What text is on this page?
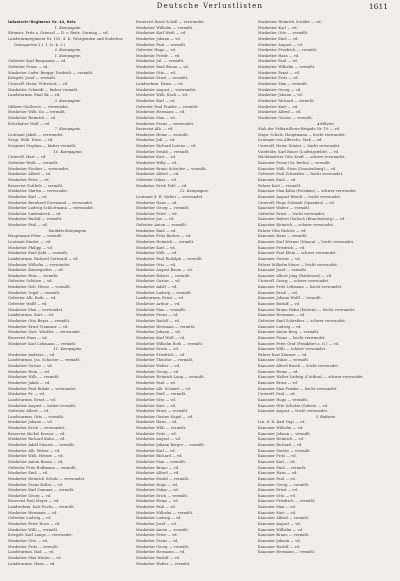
Deutsche Verlustlisten	1611
Infanterie-Regiment Nr. 44, Reiz
1. Kompagnie.
Rittmstr. Fritz a. Grimsel — II. v. Reitz. Sorntag — vd.
Landsturmregiment Nr. 105, 4. K. (Worgenden und Suderhus
Geinsgarten 2 i. 1. (s. k. 3.)
2. Kompagnie.
1. Kompagnie.
Gefreiter Karl Bergmann — vd.
Gefreiter Franz — vd.
Musketier Ludw. Berggr. Diedrich — vermißt.
Kriegsfr. Josef — vermißt.
Unteroff. Heinr. Wittstock — vd.
Musketier Schmidt — bisher vermißt.
Landsturmm. Emil Sk — vd.
3. Kompagnie.
Offizier-Stellvertr. — verwundet.
Musketier Wilh. Ka — vermißt.
Musketier Heinrich — vd.
Erlerbalter Wulf — vd.
7. Kompagnie.
Leutnant Jakob — verwundet.
Sergt. Wilh. Dietr. — vd.
Sergeant Stephan — bisher vermißt.
10. Kompagnie.
Unteroff. Hart — vd.
Gefreiter Weiß. — vermißt.
Musketier Fischer — verwundet.
Musketier Alfred — vd.
Musketier Peter — vd.
Reservist Gottlieb — vermißt.
Musketier Martin — verwundet.
Musketier Karl — vd.
Musketier Bernhard Dortmund — verwundet.
Musketier Ludwig Schlottmann — verwundet.
Musketier Lindenbeck — vd.
Musketier Rudolf — vermißt.
Musketier Paul — vd.
Sanitäts-Kompagnie.
Hauptmann Peter — vermißt.
Leutnant Kinder. — vd.
Musketier Philipp — vd.
Musketier Emil Kohl — vermißt.
Landsturmm. Richard Gottwald — vd.
Musketier Wilhelm — verwundet.
Musketier Kannegießer — vd.
Musketier Hinz — vermißt.
Gefreiter Schütze — vd.
Musketier Rob. Hesse — vermißt.
Musketier Vogel — vermißt.
Gefreiter Alb. Roth. — vd.
Gefreiter Wolff — vd.
Musketier Max — verwundet.
Landsturmm. Kurt — vd.
Musketier Otto Beyer — vermißt.
Musketier Ernst Trommer — vd.
Musketier Gust. Winkler — verwundet.
Reservist Haas — vd.
Musketier Karl Lehmann — vermißt.
11. Kompagnie.
Musketier Andreas — vd.
Landsturmm. Jos. Schuster — vermißt.
Musketier Gustav — vd.
Musketier Hein. — vd.
Musketier Wilh. — vermißt.
Musketier Jakob — vd.
Musketier Paul Rohde — verwundet.
Musketier Fr. — vd.
Landsturmm. Ernst — vd.
Musketier August — bisher vermißt.
Gefreiter Albert — vd.
Landsturmm. Otto — vermißt.
Musketier Johann — vd.
Musketier Erich — verwundet.
Reservist Michel Krause — vd.
Musketier Richard Kuhn — vd.
Musketier Adolf Maurer — vermißt.
Musketier Alb. Weber — vd.
Musketier Wilh. Heinze — vd.
Musketier Anton Braun — vd.
Gefreiter Fritz Hoffmann — vermißt.
Musketier Emil — vd.
Musketier Heinrich Schulz — verwundet.
Musketier Franz Keller — vd.
Musketier Karl Sommer — vermißt.
Musketier Georg — vd.
Reservist Paul Meyer — vd.
Landwehrm. Karl Fuchs — vermißt.
Musketier Hermann — vd.
Gefreiter Ludwig — vd.
Musketier Peter Horn — vd.
Musketier Willi — vermißt.
Kriegsfr. Karl Lange — verwundet.
Musketier Otto — vd.
Musketier Fritz — vermißt.
Landsturmm. Rud. — vd.
Musketier Max Winter — vd.
Landsturmm. Hans — vd.
Reservist Ernst Schall — verwundet.
Musketier Wilhelm — vermißt.
Musketier Karl Weiß — vd.
Musketier Johann — vd.
Musketier Paul — vermißt.
Gefreiter Hugo — vd.
Musketier Friedr. — vd.
Musketier Jul. — vermißt.
Musketier Emil Braun — vd.
Musketier Otto — vd.
Musketier Ernst — vermißt.
Landwehrm. Heinr. — vd.
Musketier August — verwundet.
Musketier Wilh. Koch — vd.
Musketier Karl — vd.
Gefreiter Paul Franke — vermißt.
Musketier Hermann — vd.
Musketier Max — vd.
Musketier Franz — verwundet.
Reservist Alb. — vd.
Musketier Heinz — vermißt.
Musketier Joh. — vd.
Musketier Richard Lorenz — vd.
Musketier Ewald — vermißt.
Musketier Kurt — vd.
Musketier Willy — vd.
Musketier Bruno Schröter — vermißt.
Musketier Alfred — vd.
Gefreiter Oskar — vd.
Musketier Erich Pohl — vd.
12. Kompagnie.
Leutnant d. R. Walter — verwundet.
Musketier Hans — vd.
Musketier Georg — vermißt.
Musketier Peter — vd.
Musketier Jos. — vd.
Gefreiter Anton — vermißt.
Musketier Emil — vd.
Musketier Fritz Becker — vd.
Musketier Heinrich — vermißt.
Musketier Karl — vd.
Musketier Wilh. — vd.
Musketier Paul Rudolph — vermißt.
Musketier Otto — vd.
Musketier August Baum — vd.
Musketier Robert — vermißt.
Musketier Gustav — vd.
Musketier Adolf — vd.
Musketier Ludwig — vermißt.
Landsturmm. Ernst — vd.
Musketier Arthur — vd.
Musketier Max — vermißt.
Musketier Franz — vd.
Musketier Rudolf — vd.
Musketier Hermann — vermißt.
Musketier Johann — vd.
Musketier Karl Wolf — vd.
Musketier Wilhelm Roth — vermißt.
Musketier Erwin — vd.
Musketier Friedrich — vd.
Musketier Theodor — vermißt.
Musketier Walter — vd.
Musketier Georg — vd.
Musketier Heinrich Lang — vermißt.
Musketier Paul — vd.
Musketier Alb. Schmitt — vd.
Musketier Emil — vermißt.
Musketier Otto — vd.
Musketier Kurt — vd.
Musketier Ernst — vermißt.
Musketier Gustav Nagel — vd.
Musketier Hans — vd.
Musketier Willi — vermißt.
Musketier Fritz — vd.
Musketier August — vd.
Musketier Johann Berger — vermißt.
Musketier Karl — vd.
Musketier Richard — vd.
Musketier Max — vermißt.
Musketier Bruno — vd.
Musketier Alfred — vd.
Musketier Ewald — vermißt.
Musketier Hugo — vd.
Musketier Oskar — vd.
Musketier Erich — vermißt.
Musketier Heinz — vd.
Musketier Paul — vd.
Musketier Wilhelm — vermißt.
Musketier Ludwig — vd.
Musketier Josef — vd.
Musketier Anton — vermißt.
Musketier Peter — vd.
Musketier Franz — vd.
Musketier Georg — vermißt.
Musketier Hermann — vd.
Musketier Rudolf — vd.
Musketier Walter — vermißt.
Musketier Heinrich Schäfer — vd.
Musketier Karl — vd.
Musketier Otto — vermißt.
Musketier Emil — vd.
Musketier August — vd.
Musketier Friedrich — vermißt.
Musketier Hans — vd.
Musketier Paul — vd.
Musketier Wilhelm — vermißt.
Musketier Ernst — vd.
Musketier Fritz — vd.
Musketier Max — vermißt.
Musketier Georg — vd.
Musketier Johann — vd.
Musketier Richard — vermißt.
Musketier Kurt — vd.
Musketier Alfred — vd.
Musketier Gustav — vermißt.
Artillerie.
Stab der Feldartillerie-Brigade Nr. 19 — vd.
Major Schulz, Hauptmann — leicht verwundet.
Leutnant von Albrecht, Stab — vd.
Unteroff. Heinr. Winter — leicht verwundet.
Vizefeldw. Karl Bauer (Ludwigsfelde) — vd.
Wachtmeister Otto Kraft — schwer verwundet.
Kanonier Franz (Gr. Berlin) — vermißt.
Kanonier Wilh. Stein (Oranienburg) — vd.
Gefreiter Paul Schneider — leicht verwundet.
Kanonier Emil — vd.
Fahrer Karl — vermißt.
Kanonier Max Kühn (Potsdam) — schwer verwundet.
Kanonier August Wendt — leicht verwundet.
Unteroff. Hugo Schmidt (Spandau) — vd.
Kanonier Walter — vermißt.
Gefreiter Ernst — leicht verwundet.
Kanonier Robert Gerlach (Brandenburg) — vd.
Kanonier Heinrich — schwer verwundet.
Fahrer Otto Richter — vd.
Kanonier Hans — vermißt.
Kanonier Karl Werner (Nauen) — leicht verwundet.
Kanonier Friedrich — vd.
Kanonier Paul Klein — schwer verwundet.
Kanonier Gustav — vd.
Fahrer Wilhelm Meier — leicht verwundet.
Kanonier Josef — vermißt.
Kanonier Albert Jung (Rathenow) — vd.
Unteroff. Georg — schwer verwundet.
Kanonier Fritz Lehmann — leicht verwundet.
Kanonier Erich — vd.
Kanonier Johann Wolff — vermißt.
Kanonier Rudolf — vd.
Kanonier Bruno Hahn (Küstrin) — leicht verwundet.
Kanonier Hermann — vd.
Gefreiter Emil Schreiber — schwer verwundet.
Kanonier Ludwig — vd.
Kanonier Anton Berg — vermißt.
Kanonier Franz — leicht verwundet.
Kanonier Peter Graf (Frankfurt a. O.) — vd.
Kanonier Willi — schwer verwundet.
Fahrer Kurt Zimmer — vd.
Kanonier Oskar — vermißt.
Kanonier Alfred Busch — leicht verwundet.
Kanonier Heinz — vd.
Kanonier Walter Ludwig (Cottbus) — schwer verwundet.
Kanonier Ernst — vd.
Kanonier Max Franke — leicht verwundet.
Unteroff. Paul — vd.
Kanonier Hugo — vermißt.
Kanonier Otto Schulze (Guben) — vd.
Kanonier August — leicht verwundet.
3. Batterie.
Ltn. d. R. Karl Vogt — vd.
Kanonier Wilhelm — vd.
Kanonier Johann — vermißt.
Kanonier Heinrich — vd.
Kanonier Richard — vd.
Kanonier Gustav — vermißt.
Kanonier Fritz — vd.
Kanonier Karl — vd.
Kanonier Emil — vermißt.
Kanonier Hans — vd.
Kanonier Paul — vd.
Kanonier Georg — vermißt.
Kanonier Ernst — vd.
Kanonier Otto — vd.
Kanonier Friedrich — vermißt.
Kanonier Max — vd.
Kanonier Kurt — vd.
Kanonier Alfred — vermißt.
Kanonier August — vd.
Kanonier Wilhelm — vd.
Kanonier Bruno — vermißt.
Kanonier Johann — vd.
Kanonier Rudolf — vd.
Kanonier Hermann — vermißt.
